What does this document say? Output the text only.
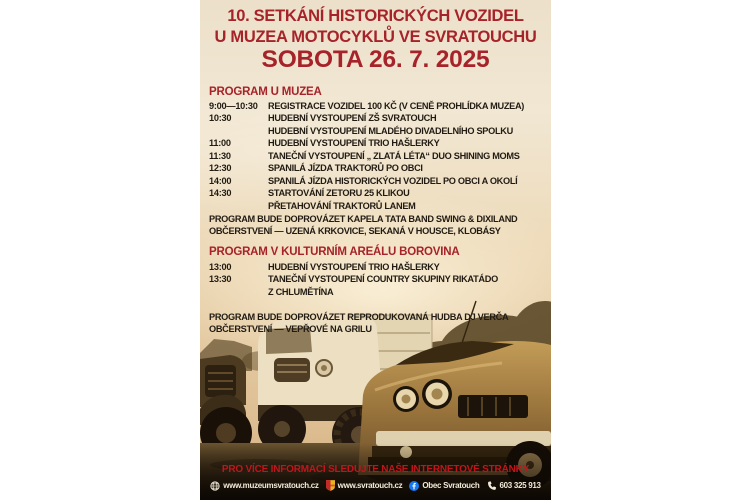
10. SETKÁNÍ HISTORICKÝCH VOZIDEL
U MUZEA MOTOCYKLŮ VE SVRATOUCHU
SOBOTA 26. 7. 2025
PROGRAM U MUZEA
9:00—10:30	REGISTRACE VOZIDEL 100 KČ (V CENĚ PROHLÍDKA MUZEA)
10:30	HUDEBNÍ VYSTOUPENÍ ZŠ SVRATOUCH
HUDEBNÍ VYSTOUPENÍ MLADÉHO DIVADELNÍHO SPOLKU
11:00	HUDEBNÍ VYSTOUPENÍ TRIO HAŠLERKY
11:30	TANEČNÍ VYSTOUPENÍ „ ZLATÁ LÉTA“ DUO SHINING MOMS
12:30	SPANILÁ JÍZDA TRAKTORŮ PO OBCI
14:00	SPANILÁ JÍZDA HISTORICKÝCH VOZIDEL PO OBCI A OKOLÍ
14:30	STARTOVÁNÍ ZETORU 25 KLIKOU
PŘETAHOVÁNÍ TRAKTORŮ LANEM
PROGRAM BUDE DOPROVÁZET KAPELA TATA BAND SWING & DIXILAND
OBČERSTVENÍ — UZENÁ KRKOVICE, SEKANÁ V HOUSCE, KLOBÁSY
PROGRAM V KULTURNÍM AREÁLU BOROVINA
13:00	HUDEBNÍ VYSTOUPENÍ TRIO HAŠLERKY
13:30	TANEČNÍ VYSTOUPENÍ COUNTRY SKUPINY RIKATÁDO
Z CHLUMĚTÍNA
PROGRAM BUDE DOPROVÁZET REPRODUKOVANÁ HUDBA DJ VERČA
OBČERSTVENÍ — VEPŘOVÉ NA GRILU
PRO VÍCE INFORMACÍ SLEDUJTE NAŠE INTERNETOVÉ STRÁNKY
www.muzeumsvratouch.cz www.svratouch.cz	Obec Svratouch	603 325 913
